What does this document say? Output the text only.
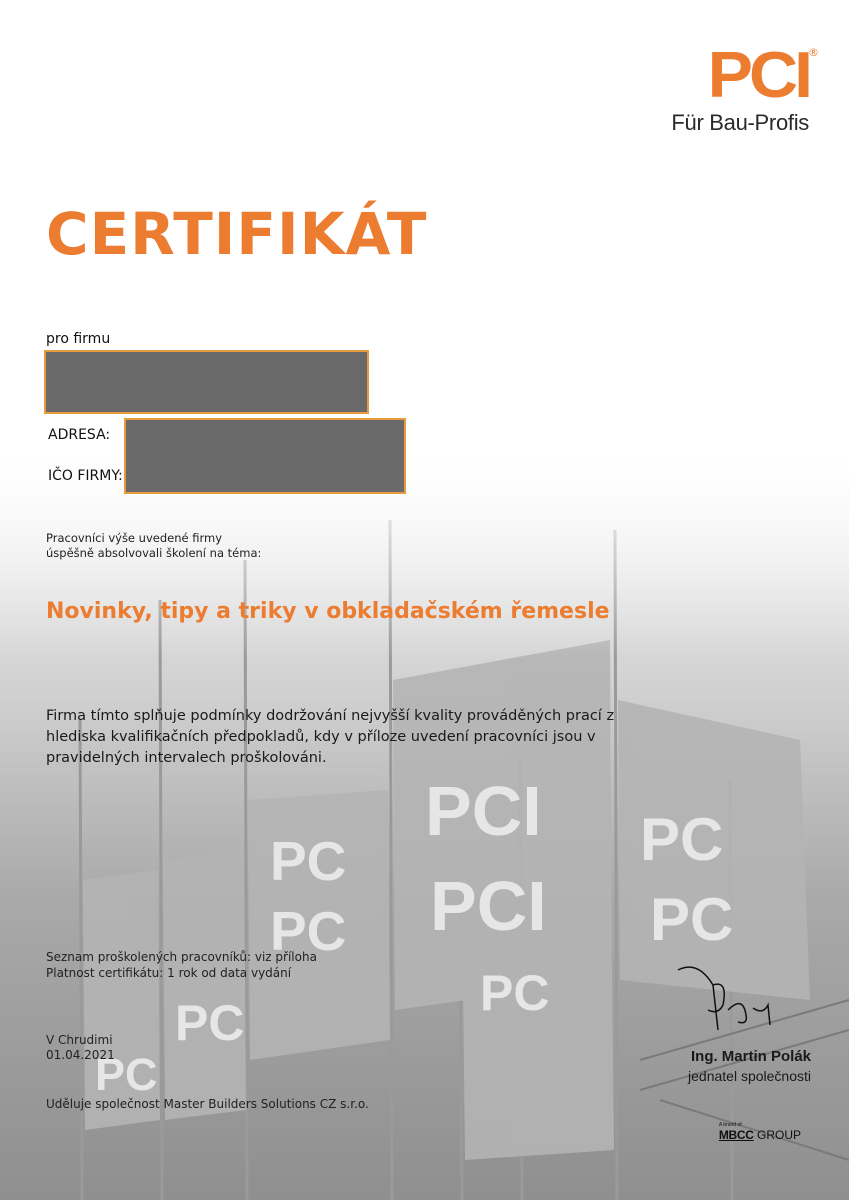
PCI ®
Für Bau-Profis
CERTIFIKÁT
pro firmu
ADRESA:
IČO FIRMY:
Pracovníci výše uvedené firmy
úspěšně absolvovali školení na téma:
Novinky, tipy a triky v obkladačském řemesle
Firma tímto splňuje podmínky dodržování nejvyšší kvality prováděných prací z hlediska kvalifikačních předpokladů, kdy v příloze uvedení pracovníci jsou v pravidelných intervalech proškolováni.
Seznam proškolených pracovníků: viz příloha
Platnost certifikátu: 1 rok od data vydání
V Chrudimi
01.04.2021	Ing. Martin Polák
jednatel společnosti
Uděluje společnost Master Builders Solutions CZ s.r.o.
A brand of
MBCC GROUP
